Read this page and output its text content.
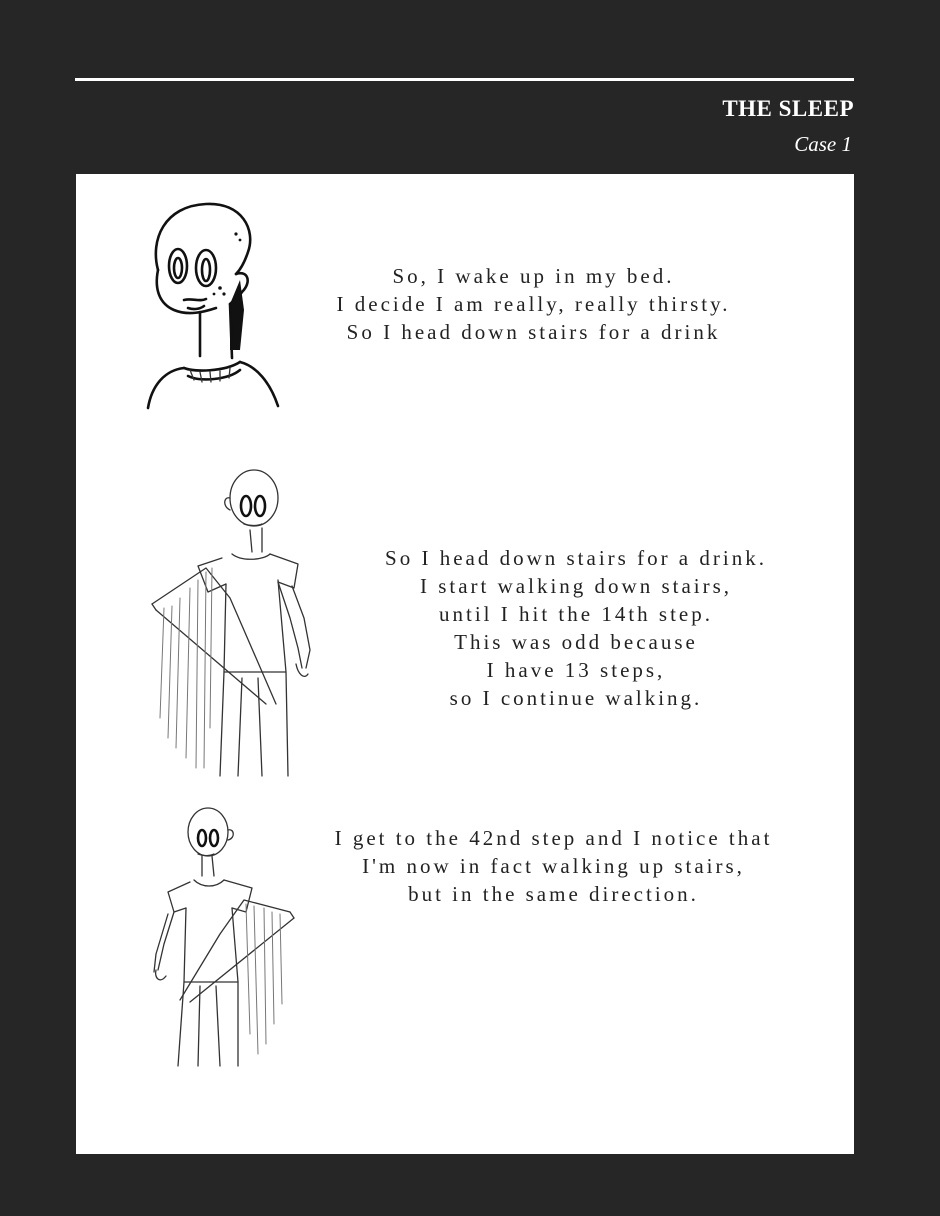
THE SLEEP
Case 1
So, I wake up in my bed.
I decide I am really, really thirsty.
So I head down stairs for a drink
So I head down stairs for a drink.
I start walking down stairs,
until I hit the 14th step.
This was odd because
I have 13 steps,
so I continue walking.
I get to the 42nd step and I notice that
I'm now in fact walking up stairs,
but in the same direction.
